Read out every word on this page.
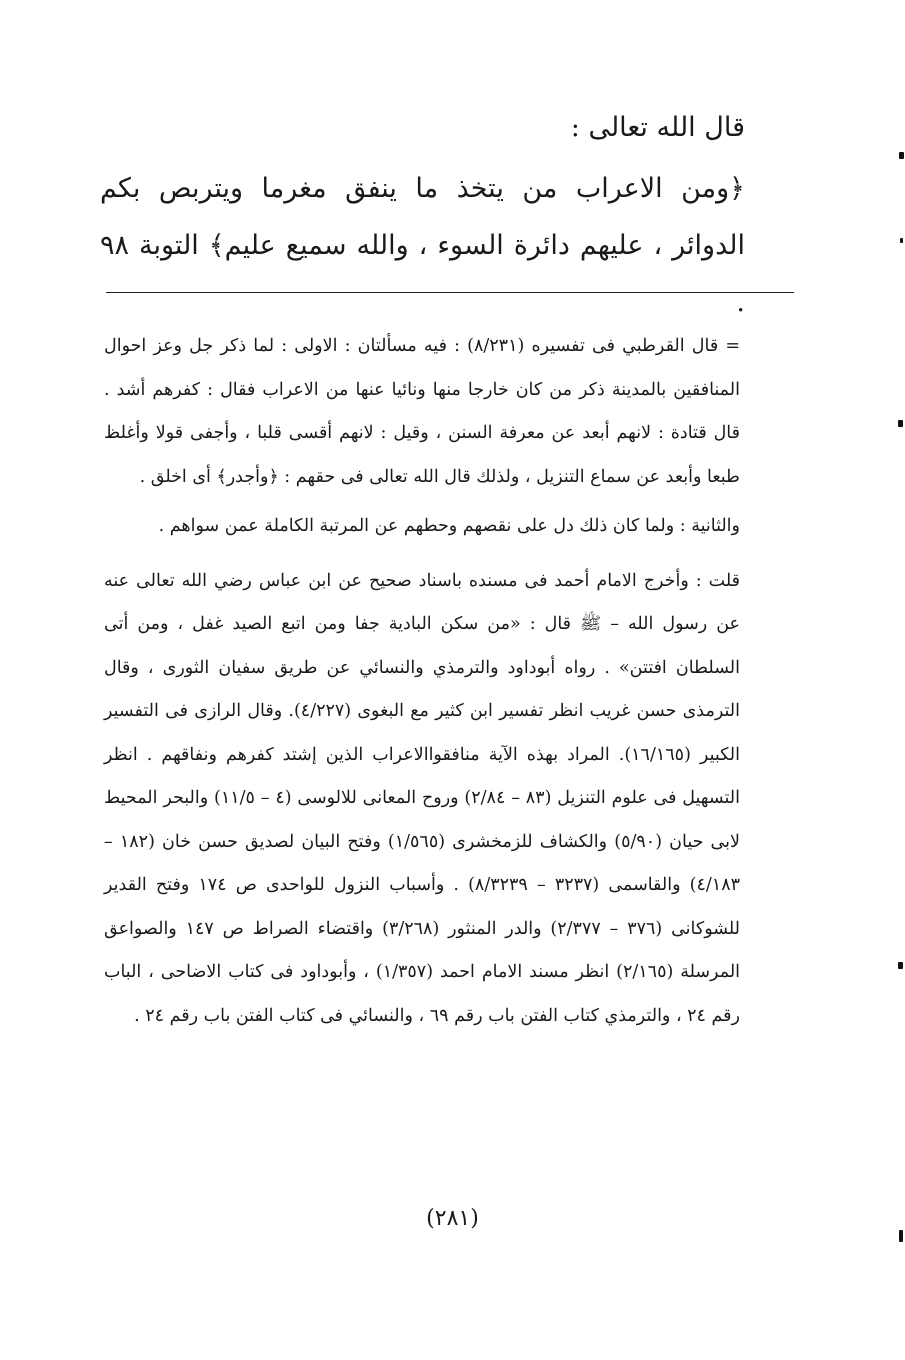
قال الله تعالى :
﴿ومن الاعراب من يتخذ ما ينفق مغرما ويتربص بكم الدوائر ، عليهم دائرة السوء ، والله سميع عليم﴾ التوبة ٩٨ .

= قال القرطبي فى تفسيره (٨/٢٣١) : فيه مسألتان : الاولى : لما ذكر جل وعز احوال المنافقين بالمدينة ذكر من كان خارجا منها ونائيا عنها من الاعراب فقال : كفرهم أشد . قال قتادة : لانهم أبعد عن معرفة السنن ، وقيل : لانهم أقسى قلبا ، وأجفى قولا وأغلظ طبعا وأبعد عن سماع التنزيل ، ولذلك قال الله تعالى فى حقهم : ﴿وأجدر﴾ أى اخلق .

والثانية : ولما كان ذلك دل على نقصهم وحطهم عن المرتبة الكاملة عمن سواهم .

قلت : وأخرج الامام أحمد فى مسنده باسناد صحيح عن ابن عباس رضي الله تعالى عنه عن رسول الله – ﷺ قال : «من سكن البادية جفا ومن اتبع الصيد غفل ، ومن أتى السلطان افتتن» . رواه أبوداود والترمذي والنسائي عن طريق سفيان الثورى ، وقال الترمذى حسن غريب انظر تفسير ابن كثير مع البغوى (٤/٢٢٧). وقال الرازى فى التفسير الكبير (١٦/١٦٥). المراد بهذه الآية منافقواالاعراب الذين إشتد كفرهم ونفاقهم . انظر التسهيل فى علوم التنزيل (٨٣ – ٢/٨٤) وروح المعانى للالوسى (٤ – ١١/٥) والبحر المحيط لابى حيان (٥/٩٠) والكشاف للزمخشرى (١/٥٦٥) وفتح البيان لصديق حسن خان (١٨٢ – ٤/١٨٣) والقاسمى (٣٢٣٧ – ٨/٣٢٣٩) . وأسباب النزول للواحدى ص ١٧٤ وفتح القدير للشوكانى (٣٧٦ – ٢/٣٧٧) والدر المنثور (٣/٢٦٨) واقتضاء الصراط ص ١٤٧ والصواعق المرسلة (٢/١٦٥) انظر مسند الامام احمد (١/٣٥٧) ، وأبوداود فى كتاب الاضاحى ، الباب رقم ٢٤ ، والترمذي كتاب الفتن باب رقم ٦٩ ، والنسائي فى كتاب الفتن باب رقم ٢٤ .

(٢٨١)
